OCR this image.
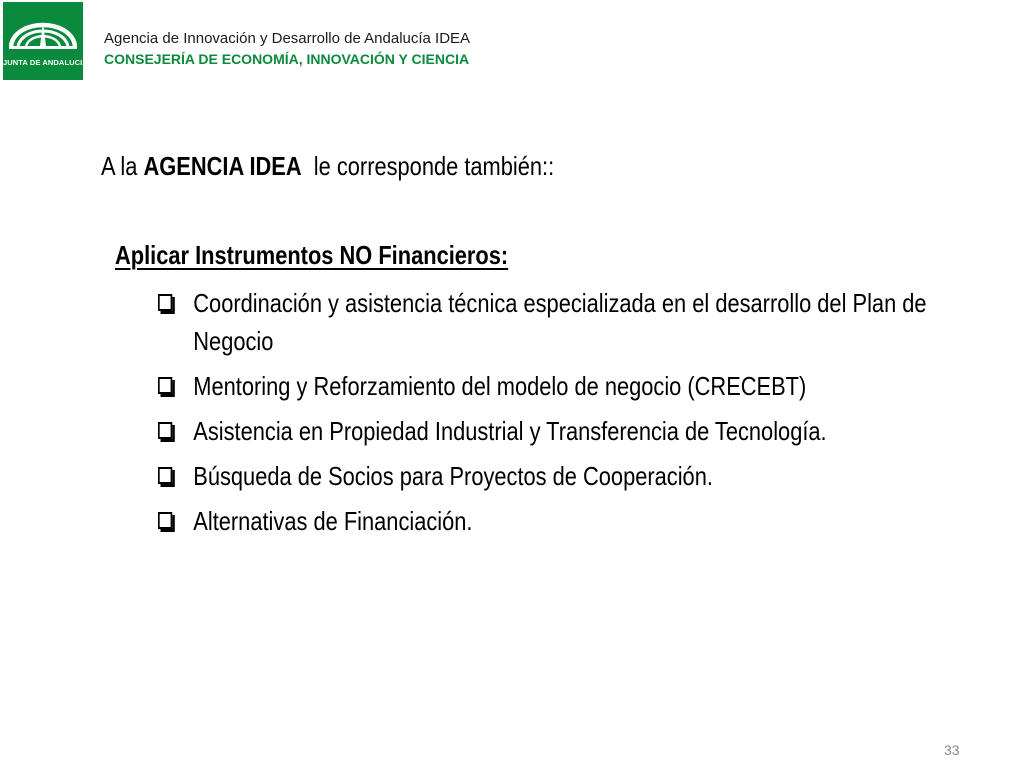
JUNTA DE ANDALUCIA
Agencia de Innovación y Desarrollo de Andalucía IDEA
CONSEJERÍA DE ECONOMÍA, INNOVACIÓN Y CIENCIA
A la AGENCIA IDEA  le corresponde también::
Aplicar Instrumentos NO Financieros:
Coordinación y asistencia técnica especializada en el desarrollo del Plan de Negocio
Mentoring y Reforzamiento del modelo de negocio (CRECEBT)
Asistencia en Propiedad Industrial y Transferencia de Tecnología.
Búsqueda de Socios para Proyectos de Cooperación.
Alternativas de Financiación.
33
